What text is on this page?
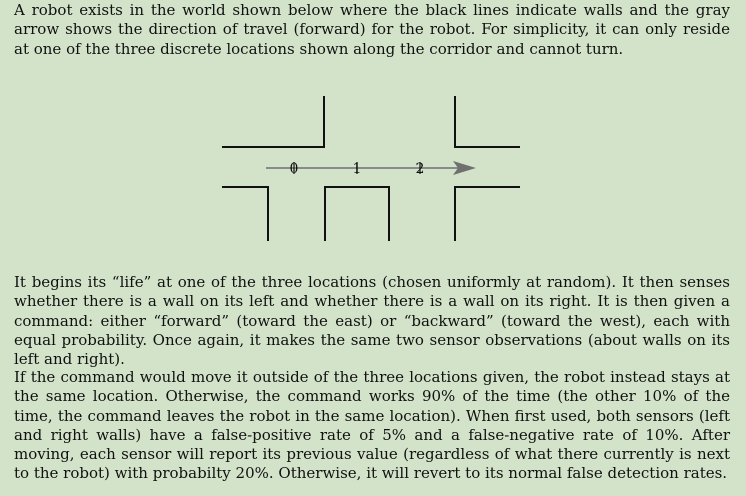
A robot exists in the world shown below where the black lines indicate walls and the gray arrow shows the direction of travel (forward) for the robot. For simplicity, it can only reside at one of the three discrete locations shown along the corridor and cannot turn.

0	1	2

It begins its “life” at one of the three locations (chosen uniformly at random). It then senses whether there is a wall on its left and whether there is a wall on its right. It is then given a command: either “forward” (toward the east) or “backward” (toward the west), each with equal probability. Once again, it makes the same two sensor observations (about walls on its left and right).

If the command would move it outside of the three locations given, the robot instead stays at the same location. Otherwise, the command works 90% of the time (the other 10% of the time, the command leaves the robot in the same location). When first used, both sensors (left and right walls) have a false-positive rate of 5% and a false-negative rate of 10%. After moving, each sensor will report its previous value (regardless of what there currently is next to the robot) with probabilty 20%. Otherwise, it will revert to its normal false detection rates.
